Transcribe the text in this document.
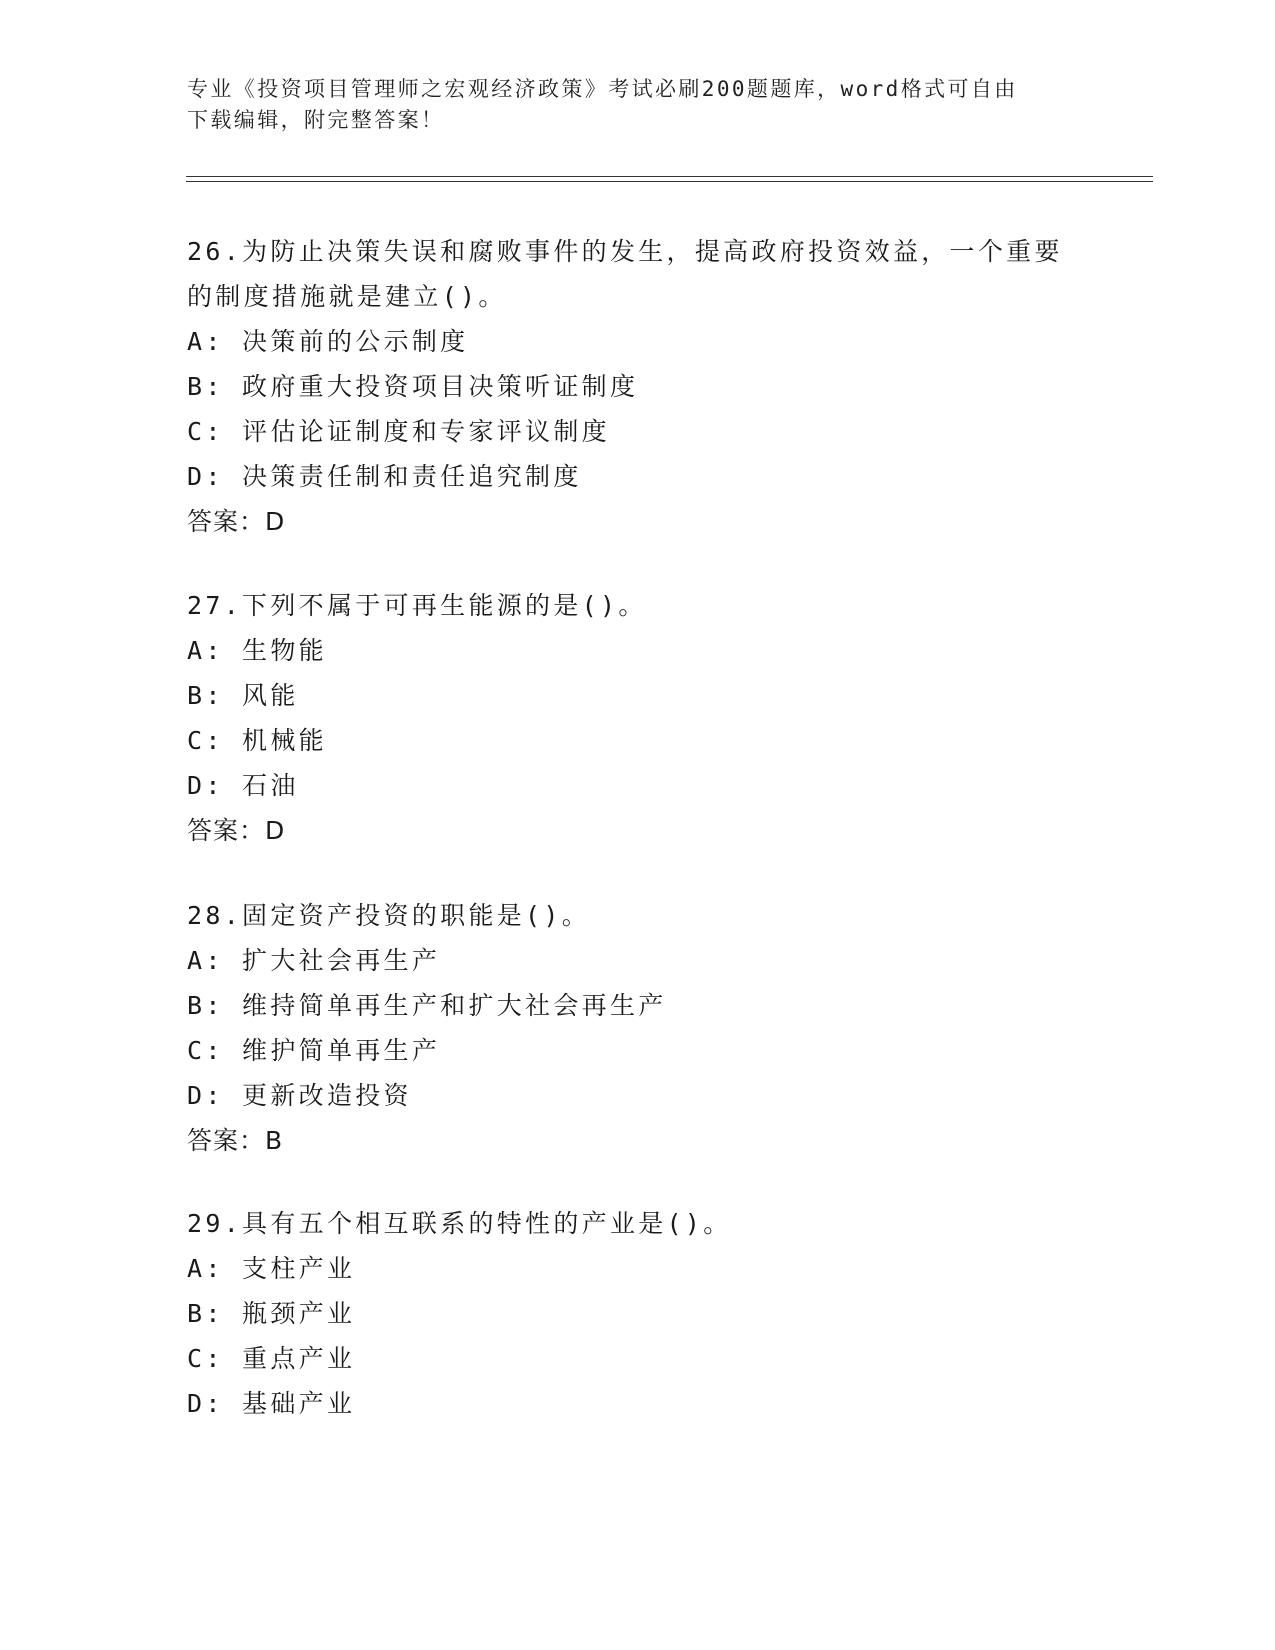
专业《投资项目管理师之宏观经济政策》考试必刷200题题库，word格式可自由
下载编辑，附完整答案！
26.为防止决策失误和腐败事件的发生，提高政府投资效益，一个重要
的制度措施就是建立()。
A: 决策前的公示制度
B: 政府重大投资项目决策听证制度
C: 评估论证制度和专家评议制度
D: 决策责任制和责任追究制度
答案：D
27.下列不属于可再生能源的是()。
A: 生物能
B: 风能
C: 机械能
D: 石油
答案：D
28.固定资产投资的职能是()。
A: 扩大社会再生产
B: 维持简单再生产和扩大社会再生产
C: 维护简单再生产
D: 更新改造投资
答案：B
29.具有五个相互联系的特性的产业是()。
A: 支柱产业
B: 瓶颈产业
C: 重点产业
D: 基础产业
